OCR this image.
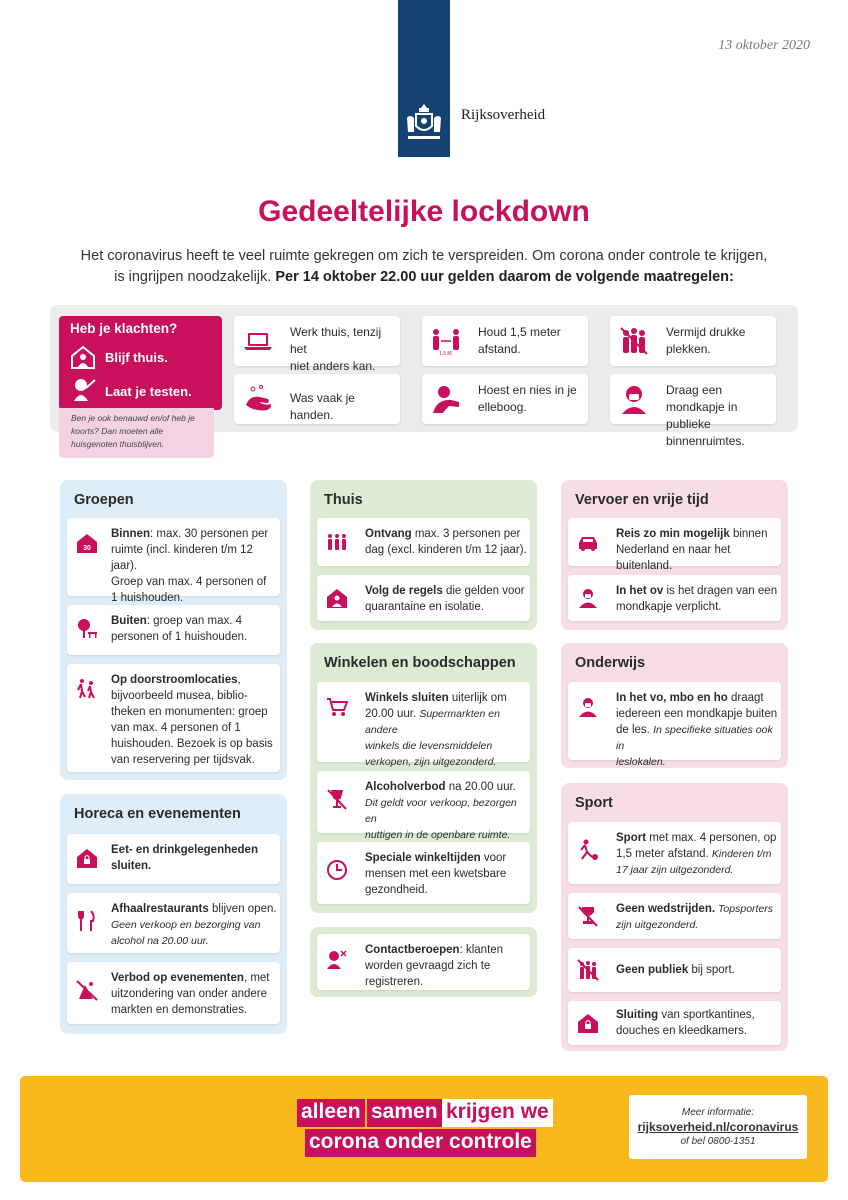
Rijksoverheid
13 oktober 2020
Gedeeltelijke lockdown
Het coronavirus heeft te veel ruimte gekregen om zich te verspreiden. Om corona onder controle te krijgen,
is ingrijpen noodzakelijk. Per 14 oktober 22.00 uur gelden daarom de volgende maatregelen:
Heb je klachten?
Blijf thuis.
Laat je testen.
Ben je ook benauwd en/of heb je koorts? Dan moeten alle huisgenoten thuisblijven.
Werk thuis, tenzij het
niet anders kan.
1,5 M.
Houd 1,5 meter
afstand.
Vermijd drukke
plekken.
Was vaak je handen.
Hoest en nies in je
elleboog.
Draag een mondkapje in
publieke binnenruimtes.
Groepen
30
Binnen: max. 30 personen per
ruimte (incl. kinderen t/m 12 jaar).
Groep van max. 4 personen of
1 huishouden.
Buiten: groep van max. 4
personen of 1 huishouden.
Op doorstroomlocaties,
bijvoorbeeld musea, biblio-
theken en monumenten: groep
van max. 4 personen of 1
huishouden. Bezoek is op basis
van reservering per tijdsvak.
Horeca en evenementen
Eet- en drinkgelegenheden
sluiten.
Afhaalrestaurants blijven open.
Geen verkoop en bezorging van
alcohol na 20.00 uur.
Verbod op evenementen, met
uitzondering van onder andere
markten en demonstraties.
Thuis
Ontvang max. 3 personen per
dag (excl. kinderen t/m 12 jaar).
Volg de regels die gelden voor
quarantaine en isolatie.
Winkelen en boodschappen
Winkels sluiten uiterlijk om
20.00 uur. Supermarkten en andere
winkels die levensmiddelen
verkopen, zijn uitgezonderd.
Alcoholverbod na 20.00 uur.
Dit geldt voor verkoop, bezorgen en
nuttigen in de openbare ruimte.
Speciale winkeltijden voor
mensen met een kwetsbare
gezondheid.
Contactberoepen: klanten
worden gevraagd zich te
registreren.
Vervoer en vrije tijd
Reis zo min mogelijk binnen
Nederland en naar het buitenland.
In het ov is het dragen van een
mondkapje verplicht.
Onderwijs
In het vo, mbo en ho draagt
iedereen een mondkapje buiten
de les. In specifieke situaties ook in
leslokalen.
Sport
Sport met max. 4 personen, op
1,5 meter afstand. Kinderen t/m
17 jaar zijn uitgezonderd.
Geen wedstrijden. Topsporters
zijn uitgezonderd.
Geen publiek bij sport.
Sluiting van sportkantines,
douches en kleedkamers.
alleen samen krijgen we
corona onder controle
Meer informatie:
rijksoverheid.nl/coronavirus
of bel 0800-1351
